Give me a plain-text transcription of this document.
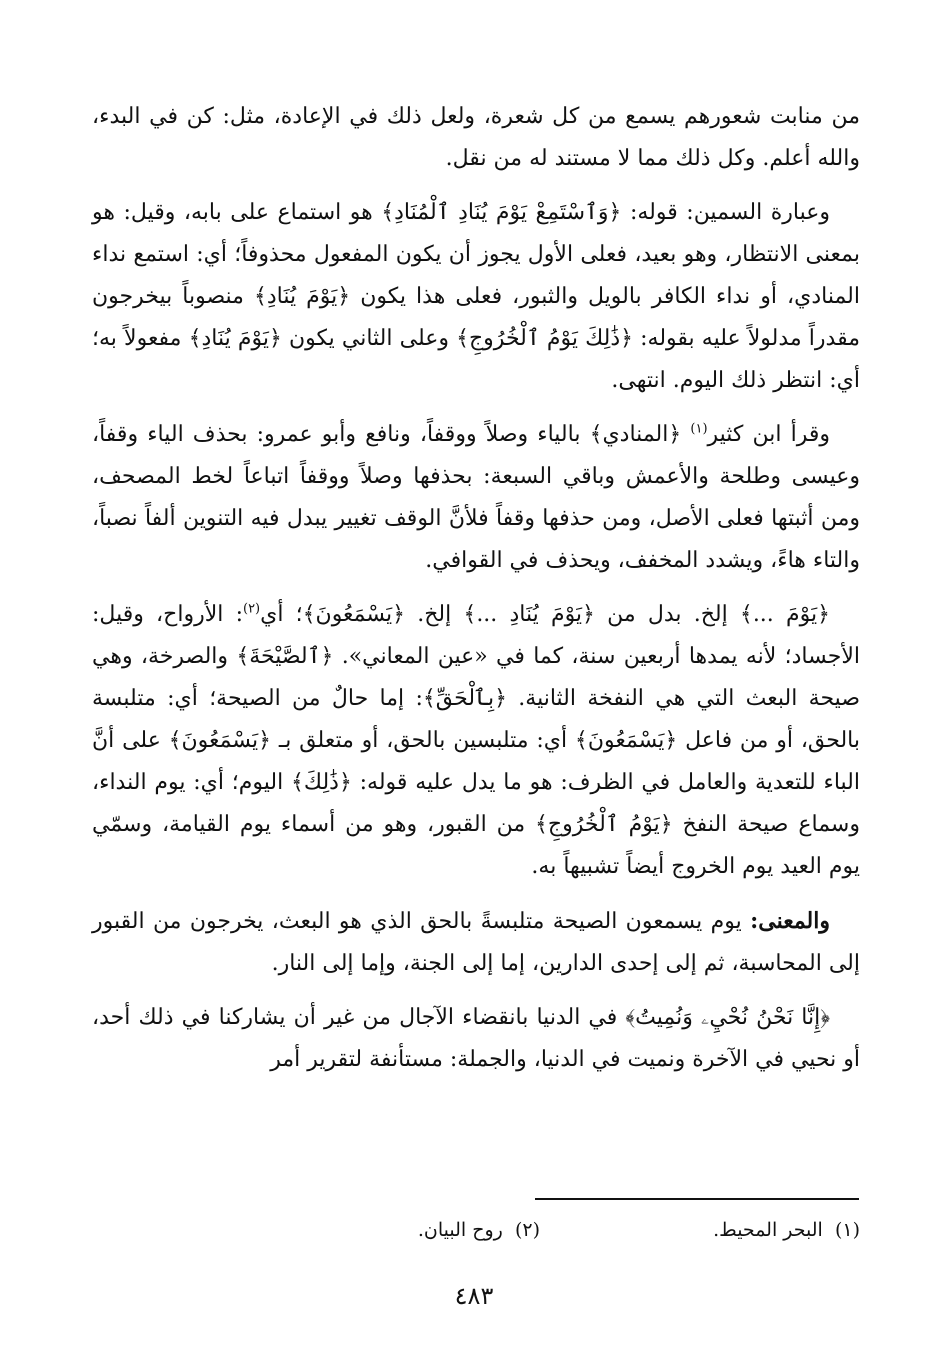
من منابت شعورهم يسمع من كل شعرة، ولعل ذلك في الإعادة، مثل: كن في البدء، والله أعلم. وكل ذلك مما لا مستند له من نقل.

وعبارة السمين: قوله: ﴿وَٱسْتَمِعْ يَوْمَ يُنَادِ ٱلْمُنَادِ﴾ هو استماع على بابه، وقيل: هو بمعنى الانتظار، وهو بعيد، فعلى الأول يجوز أن يكون المفعول محذوفاً؛ أي: استمع نداء المنادي، أو نداء الكافر بالويل والثبور، فعلى هذا يكون ﴿يَوْمَ يُنَادِ﴾ منصوباً بيخرجون مقدراً مدلولاً عليه بقوله: ﴿ذَٰلِكَ يَوْمُ ٱلْخُرُوجِ﴾ وعلى الثاني يكون ﴿يَوْمَ يُنَادِ﴾ مفعولاً به؛ أي: انتظر ذلك اليوم. انتهى.

وقرأ ابن كثير$^{(١)}$ ﴿المنادي﴾ بالياء وصلاً ووقفاً، ونافع وأبو عمرو: بحذف الياء وقفاً، وعيسى وطلحة والأعمش وباقي السبعة: بحذفها وصلاً ووقفاً اتباعاً لخط المصحف، ومن أثبتها فعلى الأصل، ومن حذفها وقفاً فلأنَّ الوقف تغيير يبدل فيه التنوين ألفاً نصباً، والتاء هاءً، ويشدد المخفف، ويحذف في القوافي.

﴿يَوْمَ ...﴾ إلخ. بدل من ﴿يَوْمَ يُنَادِ ...﴾ إلخ. ﴿يَسْمَعُونَ﴾؛ أي$^{(٢)}$: الأرواح، وقيل: الأجساد؛ لأنه يمدها أربعين سنة، كما في «عين المعاني». ﴿ٱلصَّيْحَةَ﴾ والصرخة، وهي صيحة البعث التي هي النفخة الثانية. ﴿بِٱلْحَقِّ﴾: إما حالٌ من الصيحة؛ أي: متلبسة بالحق، أو من فاعل ﴿يَسْمَعُونَ﴾ أي: متلبسين بالحق، أو متعلق بـ ﴿يَسْمَعُونَ﴾ على أنَّ الباء للتعدية والعامل في الظرف: هو ما يدل عليه قوله: ﴿ذَٰلِكَ﴾ اليوم؛ أي: يوم النداء، وسماع صيحة النفخ ﴿يَوْمُ ٱلْخُرُوجِ﴾ من القبور، وهو من أسماء يوم القيامة، وسمّي يوم العيد يوم الخروج أيضاً تشبيهاً به.

والمعنى: يوم يسمعون الصيحة متلبسةً بالحق الذي هو البعث، يخرجون من القبور إلى المحاسبة، ثم إلى إحدى الدارين، إما إلى الجنة، وإما إلى النار.

﴿إِنَّا نَحْنُ نُحْيِۦ وَنُمِيتُ﴾ في الدنيا بانقضاء الآجال من غير أن يشاركنا في ذلك أحد، أو نحيي في الآخرة ونميت في الدنيا، والجملة: مستأنفة لتقرير أمر

(١)  البحر المحيط.
(٢)  روح البيان.
٤٨٣
